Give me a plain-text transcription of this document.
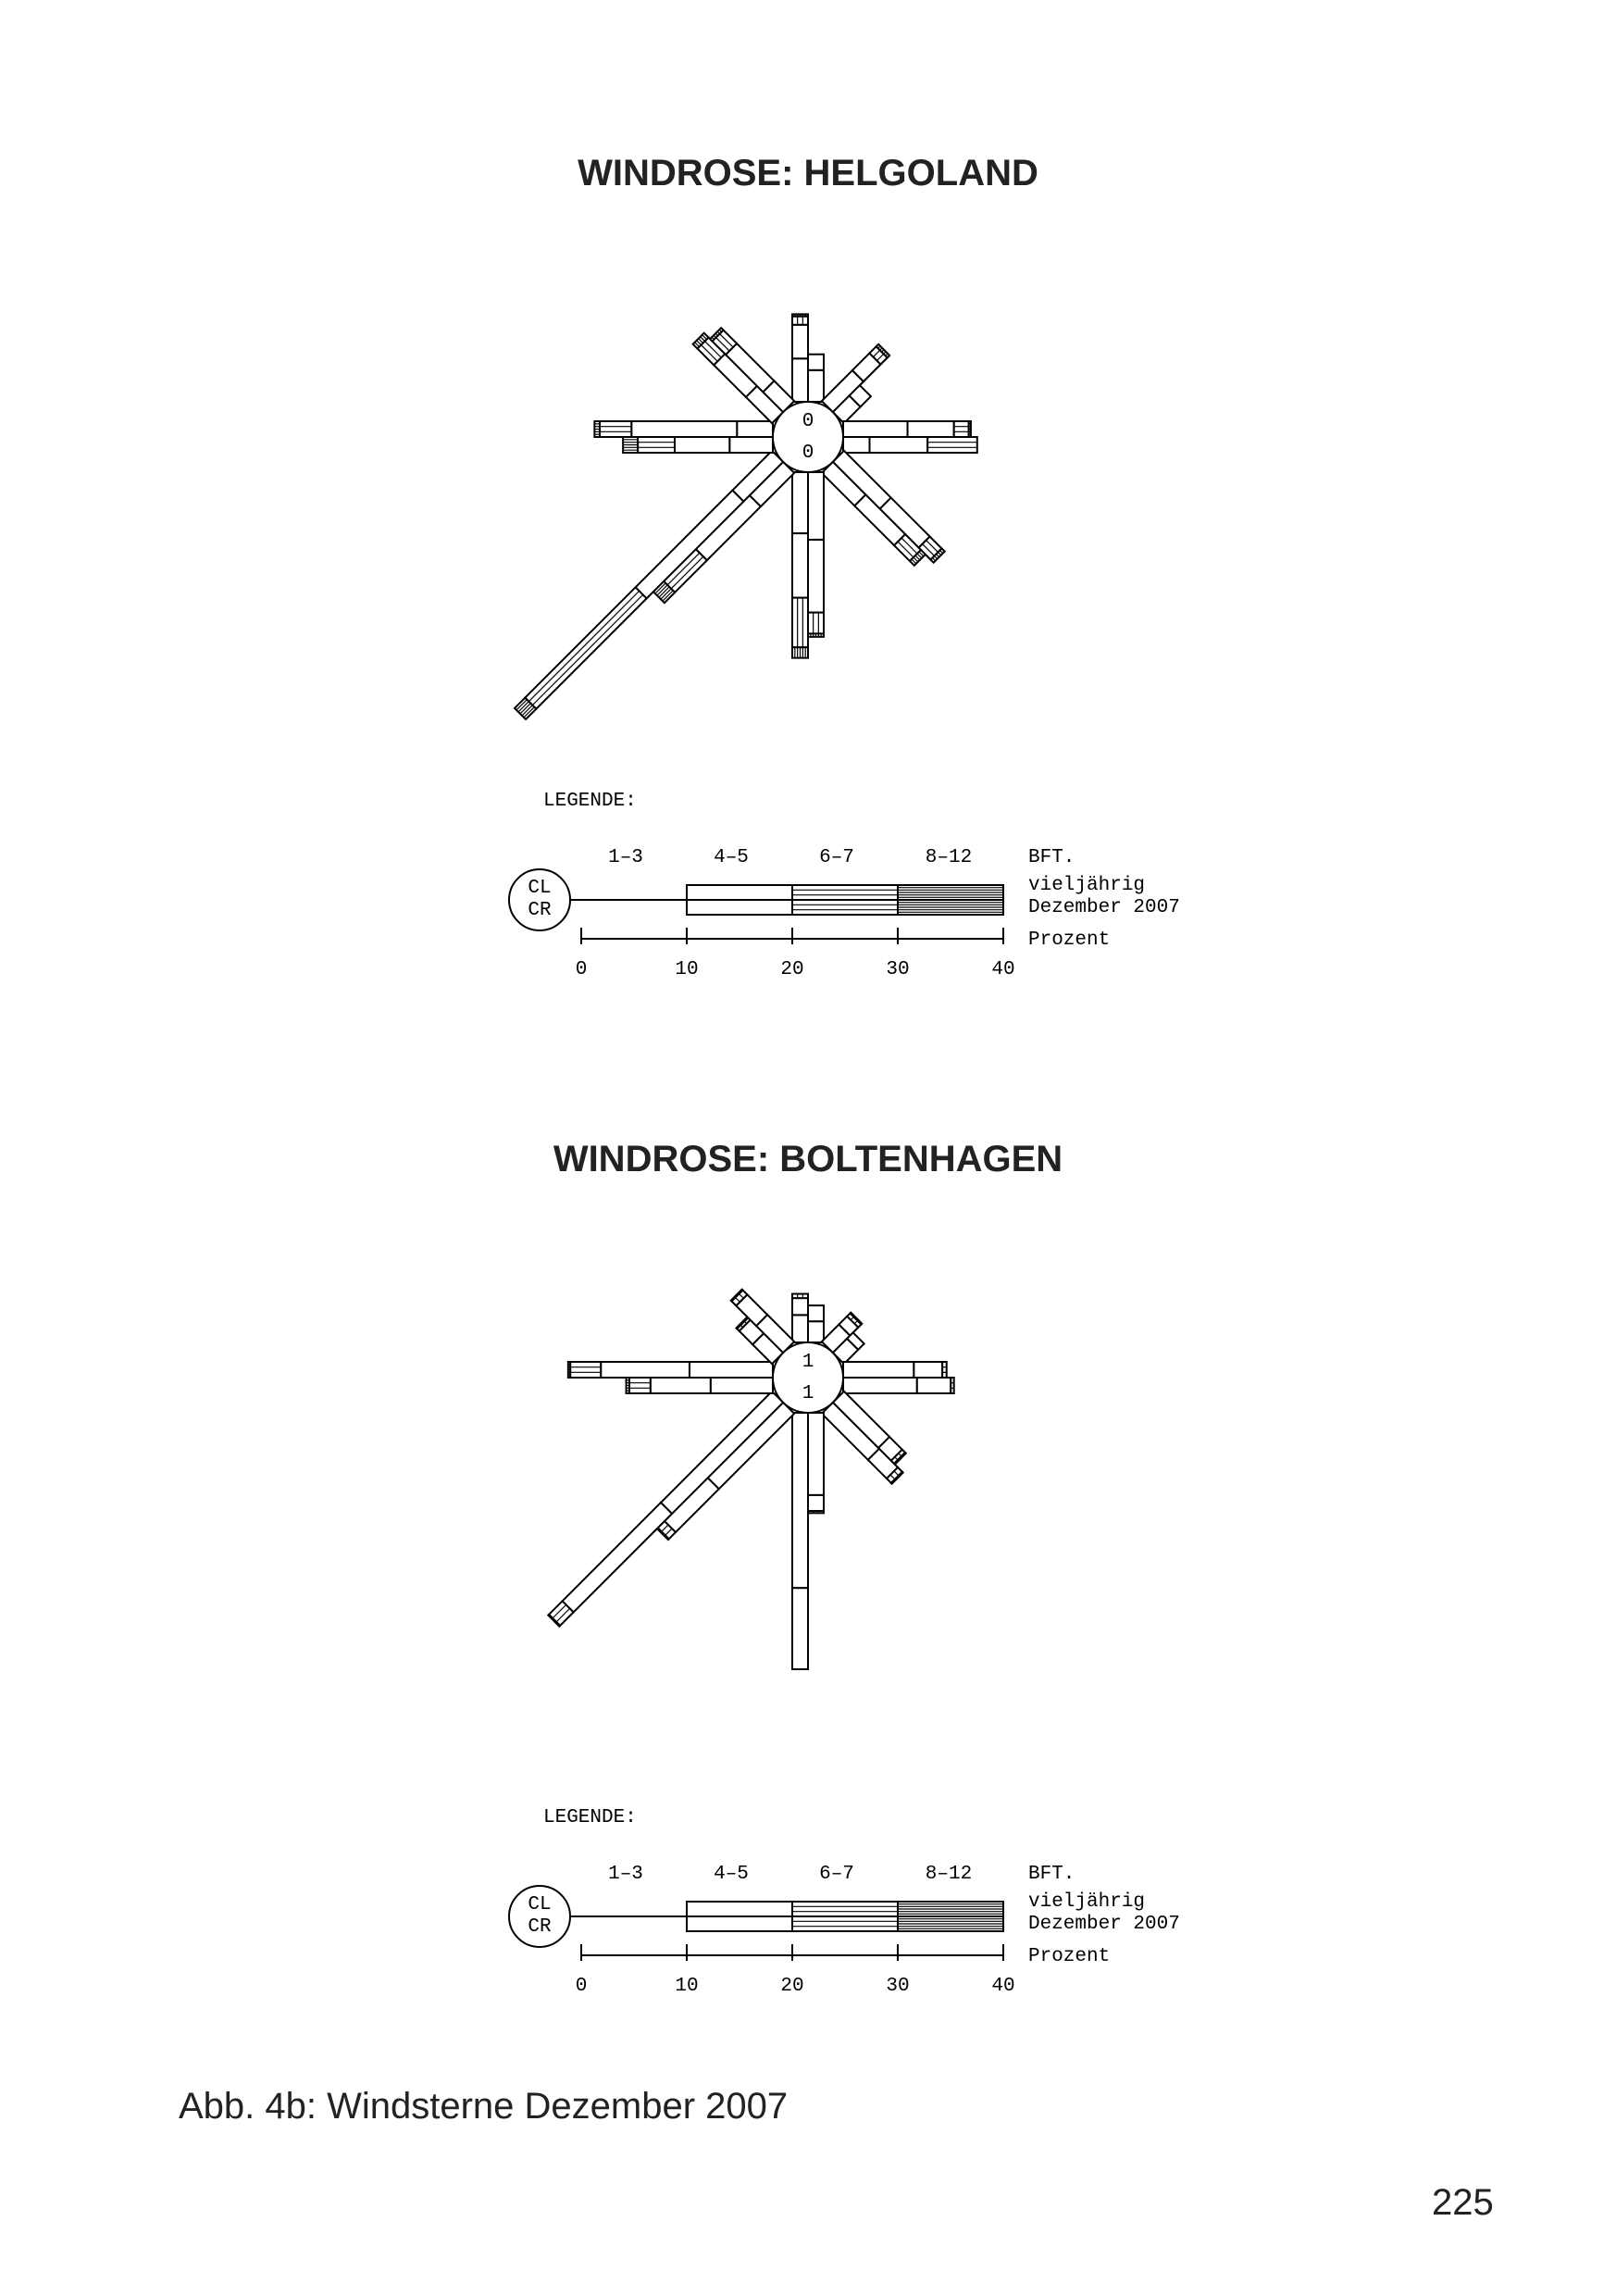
WINDROSE: HELGOLAND
0
0
LEGENDE:
1–3	4–5	6–7	8–12	BFT.
vieljährig
Dezember 2007
Prozent
CL
CR
0	10	20	30	40
WINDROSE: BOLTENHAGEN
1
1
LEGENDE:
1–3	4–5	6–7	8–12	BFT.
vieljährig
Dezember 2007
Prozent
CL
CR
0	10	20	30	40
Abb. 4b: Windsterne Dezember 2007
225
